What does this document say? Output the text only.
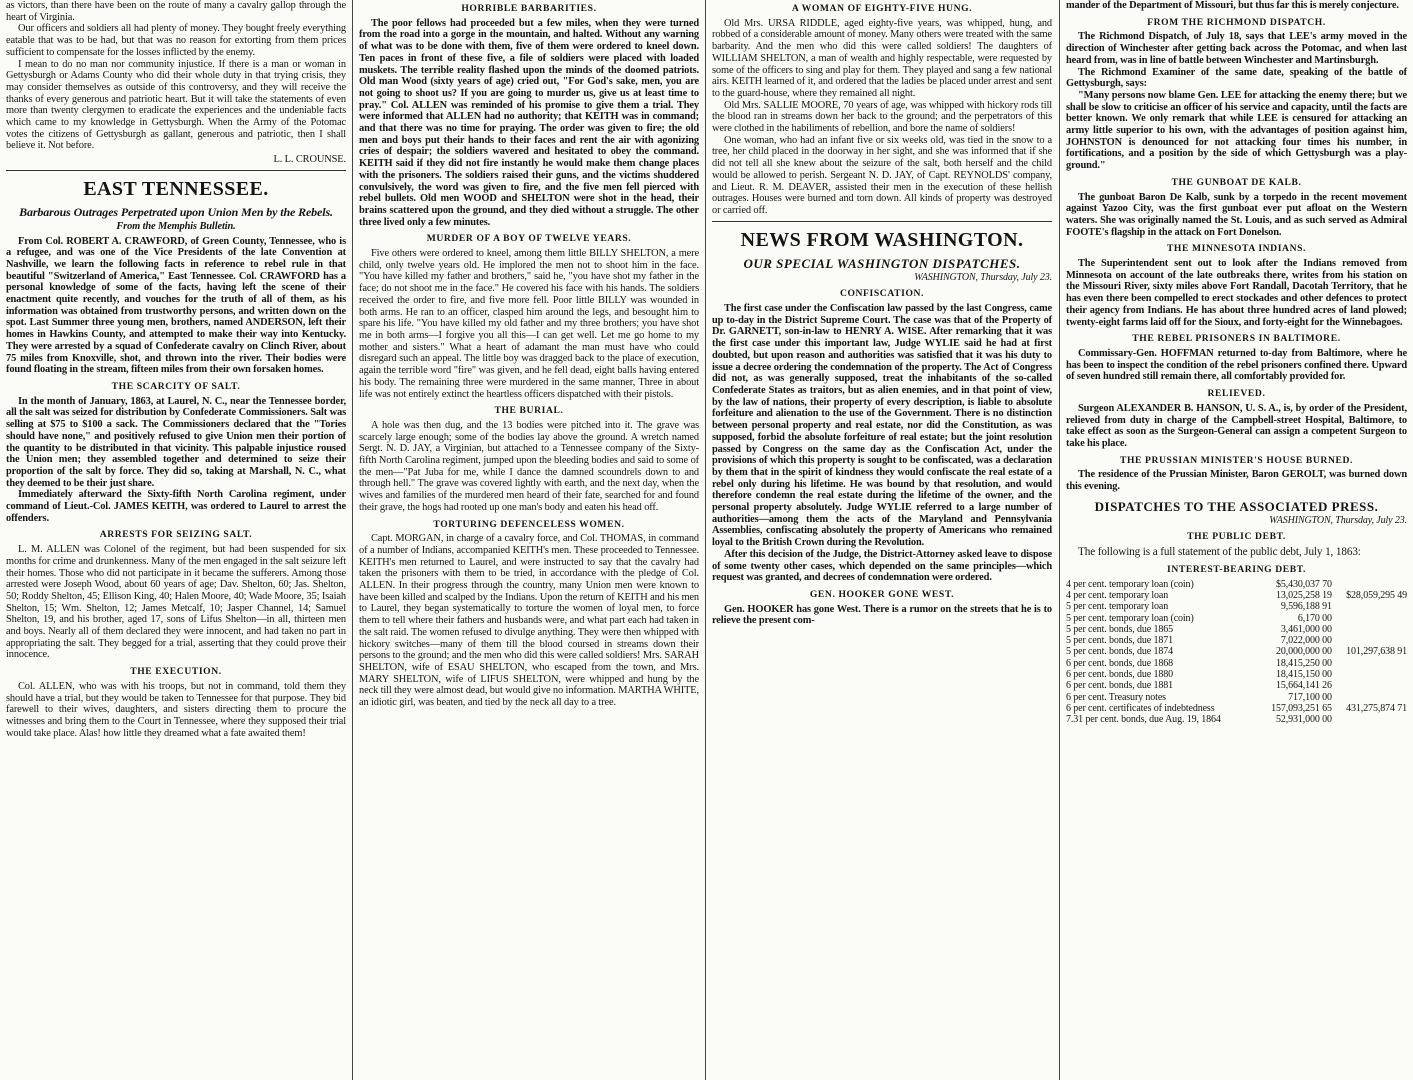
as victors, than there have been on the route of many a cavalry gallop through the heart of Virginia.

Our officers and soldiers all had plenty of money. They bought freely everything eatable that was to be had, but that was no reason for extorting from them prices sufficient to compensate for the losses inflicted by the enemy.

I mean to do no man nor community injustice. If there is a man or woman in Gettysburgh or Adams County who did their whole duty in that trying crisis, they may consider themselves as outside of this controversy, and they will receive the thanks of every generous and patriotic heart. But it will take the statements of even more than twenty clergymen to eradicate the experiences and the undeniable facts which came to my knowledge in Gettysburgh. When the Army of the Potomac votes the citizens of Gettysburgh as gallant, generous and patriotic, then I shall believe it. Not before.

L. L. CROUNSE.
EAST TENNESSEE.
Barbarous Outrages Perpetrated upon Union Men by the Rebels.
From the Memphis Bulletin.

From Col. ROBERT A. CRAWFORD, of Green County, Tennessee, who is a refugee, and was one of the Vice Presidents of the late Convention at Nashville, we learn the following facts in reference to rebel rule in that beautiful "Switzerland of America," East Tennessee. Col. CRAWFORD has a personal knowledge of some of the facts, having left the scene of their enactment quite recently, and vouches for the truth of all of them, as his information was obtained from trustworthy persons, and written down on the spot. Last Summer three young men, brothers, named ANDERSON, left their homes in Hawkins County, and attempted to make their way into Kentucky. They were arrested by a squad of Confederate cavalry on Clinch River, about 75 miles from Knoxville, shot, and thrown into the river. Their bodies were found floating in the stream, fifteen miles from their own forsaken homes.

THE SCARCITY OF SALT.

In the month of January, 1863, at Laurel, N. C., near the Tennessee border, all the salt was seized for distribution by Confederate Commissioners. Salt was selling at $75 to $100 a sack. The Commissioners declared that the "Tories should have none," and positively refused to give Union men their portion of the quantity to be distributed in that vicinity. This palpable injustice roused the Union men; they assembled together and determined to seize their proportion of the salt by force. They did so, taking at Marshall, N. C., what they deemed to be their just share.

Immediately afterward the Sixty-fifth North Carolina regiment, under command of Lieut.-Col. JAMES KEITH, was ordered to Laurel to arrest the offenders.

ARRESTS FOR SEIZING SALT.

L. M. ALLEN was Colonel of the regiment, but had been suspended for six months for crime and drunkenness. Many of the men engaged in the salt seizure left their homes. Those who did not participate in it became the sufferers. Among those arrested were Joseph Wood, about 60 years of age; Dav. Shelton, 60; Jas. Shelton, 50; Roddy Shelton, 45; Ellison King, 40; Halen Moore, 40; Wade Moore, 35; Isaiah Shelton, 15; Wm. Shelton, 12; James Metcalf, 10; Jasper Channel, 14; Samuel Shelton, 19, and his brother, aged 17, sons of Lifus Shelton—in all, thirteen men and boys. Nearly all of them declared they were innocent, and had taken no part in appropriating the salt. They begged for a trial, asserting that they could prove their innocence.

THE EXECUTION.

Col. ALLEN, who was with his troops, but not in command, told them they should have a trial, but they would be taken to Tennessee for that purpose. They bid farewell to their wives, daughters, and sisters directing them to procure the witnesses and bring them to the Court in Tennessee, where they supposed their trial would take place. Alas! how little they dreamed what a fate awaited them!

HORRIBLE BARBARITIES.

The poor fellows had proceeded but a few miles, when they were turned from the road into a gorge in the mountain, and halted. Without any warning of what was to be done with them, five of them were ordered to kneel down. Ten paces in front of these five, a file of soldiers were placed with loaded muskets. The terrible reality flashed upon the minds of the doomed patriots. Old man Wood (sixty years of age) cried out, "For God's sake, men, you are not going to shoot us? If you are going to murder us, give us at least time to pray." Col. ALLEN was reminded of his promise to give them a trial. They were informed that ALLEN had no authority; that KEITH was in command; and that there was no time for praying. The order was given to fire; the old men and boys put their hands to their faces and rent the air with agonizing cries of despair; the soldiers wavered and hesitated to obey the command. KEITH said if they did not fire instantly he would make them change places with the prisoners. The soldiers raised their guns, and the victims shuddered convulsively, the word was given to fire, and the five men fell pierced with rebel bullets. Old men WOOD and SHELTON were shot in the head, their brains scattered upon the ground, and they died without a struggle. The other three lived only a few minutes.

MURDER OF A BOY OF TWELVE YEARS.

Five others were ordered to kneel, among them little BILLY SHELTON, a mere child, only twelve years old. He implored the men not to shoot him in the face. "You have killed my father and brothers," said he, "you have shot my father in the face; do not shoot me in the face." He covered his face with his hands. The soldiers received the order to fire, and five more fell. Poor little BILLY was wounded in both arms. He ran to an officer, clasped him around the legs, and besought him to spare his life. "You have killed my old father and my three brothers; you have shot me in both arms—I forgive you all this—I can get well. Let me go home to my mother and sisters." What a heart of adamant the man must have who could disregard such an appeal. The little boy was dragged back to the place of execution, again the terrible word "fire" was given, and he fell dead, eight balls having entered his body. The remaining three were murdered in the same manner, Three in about life was not entirely extinct the heartless officers dispatched with their pistols.

THE BURIAL.

A hole was then dug, and the 13 bodies were pitched into it. The grave was scarcely large enough; some of the bodies lay above the ground. A wretch named Sergt. N. D. JAY, a Virginian, but attached to a Tennessee company of the Sixty-fifth North Carolina regiment, jumped upon the bleeding bodies and said to some of the men—"Pat Juba for me, while I dance the damned scoundrels down to and through hell." The grave was covered lightly with earth, and the next day, when the wives and families of the murdered men heard of their fate, searched for and found their grave, the hogs had rooted up one man's body and eaten his head off.

TORTURING DEFENCELESS WOMEN.

Capt. MORGAN, in charge of a cavalry force, and Col. THOMAS, in command of a number of Indians, accompanied KEITH's men. These proceeded to Tennessee. KEITH's men returned to Laurel, and were instructed to say that the cavalry had taken the prisoners with them to be tried, in accordance with the pledge of Col. ALLEN. In their progress through the country, many Union men were known to have been killed and scalped by the Indians. Upon the return of KEITH and his men to Laurel, they began systematically to torture the women of loyal men, to force them to tell where their fathers and husbands were, and what part each had taken in the salt raid. The women refused to divulge anything. They were then whipped with hickory switches—many of them till the blood coursed in streams down their persons to the ground; and the men who did this were called soldiers! Mrs. SARAH SHELTON, wife of ESAU SHELTON, who escaped from the town, and Mrs. MARY SHELTON, wife of LIFUS SHELTON, were whipped and hung by the neck till they were almost dead, but would give no information. MARTHA WHITE, an idiotic girl, was beaten, and tied by the neck all day to a tree.

A WOMAN OF EIGHTY-FIVE HUNG.

Old Mrs. URSA RIDDLE, aged eighty-five years, was whipped, hung, and robbed of a considerable amount of money. Many others were treated with the same barbarity. And the men who did this were called soldiers! The daughters of WILLIAM SHELTON, a man of wealth and highly respectable, were requested by some of the officers to sing and play for them. They played and sang a few national airs. KEITH learned of it, and ordered that the ladies be placed under arrest and sent to the guard-house, where they remained all night.

Old Mrs. SALLIE MOORE, 70 years of age, was whipped with hickory rods till the blood ran in streams down her back to the ground; and the perpetrators of this were clothed in the habiliments of rebellion, and bore the name of soldiers!

One woman, who had an infant five or six weeks old, was tied in the snow to a tree, her child placed in the doorway in her sight, and she was informed that if she did not tell all she knew about the seizure of the salt, both herself and the child would be allowed to perish. Sergeant N. D. JAY, of Capt. REYNOLDS' company, and Lieut. R. M. DEAVER, assisted their men in the execution of these hellish outrages. Houses were burned and torn down. All kinds of property was destroyed or carried off.

NEWS FROM WASHINGTON.
OUR SPECIAL WASHINGTON DISPATCHES.
WASHINGTON, Thursday, July 23.
CONFISCATION.

The first case under the Confiscation law passed by the last Congress, came up to-day in the District Supreme Court. The case was that of the Property of Dr. GARNETT, son-in-law to HENRY A. WISE. After remarking that it was the first case under this important law, Judge WYLIE said he had at first doubted, but upon reason and authorities was satisfied that it was his duty to issue a decree ordering the condemnation of the property. The Act of Congress did not, as was generally supposed, treat the inhabitants of the so-called Confederate States as traitors, but as alien enemies, and in that point of view, by the law of nations, their property of every description, is liable to absolute forfeiture and alienation to the use of the Government. There is no distinction between personal property and real estate, nor did the Constitution, as was supposed, forbid the absolute forfeiture of real estate; but the joint resolution passed by Congress on the same day as the Confiscation Act, under the provisions of which this property is sought to be confiscated, was a declaration by them that in the spirit of kindness they would confiscate the real estate of a rebel only during his lifetime. He was bound by that resolution, and would therefore condemn the real estate during the lifetime of the owner, and the personal property absolutely. Judge WYLIE referred to a large number of authorities—among them the acts of the Maryland and Pennsylvania Assemblies, confiscating absolutely the property of Americans who remained loyal to the British Crown during the Revolution.

After this decision of the Judge, the District-Attorney asked leave to dispose of some twenty other cases, which depended on the same principles—which request was granted, and decrees of condemnation were ordered.

GEN. HOOKER GONE WEST.

Gen. HOOKER has gone West. There is a rumor on the streets that he is to relieve the present com-

mander of the Department of Missouri, but thus far this is merely conjecture.

FROM THE RICHMOND DISPATCH.

The Richmond Dispatch, of July 18, says that LEE's army moved in the direction of Winchester after getting back across the Potomac, and when last heard from, was in line of battle between Winchester and Martinsburgh.

The Richmond Examiner of the same date, speaking of the battle of Gettysburgh, says:

"Many persons now blame Gen. LEE for attacking the enemy there; but we shall be slow to criticise an officer of his service and capacity, until the facts are better known. We only remark that while LEE is censured for attacking an army little superior to his own, with the advantages of position against him, JOHNSTON is denounced for not attacking four times his number, in fortifications, and a position by the side of which Gettysburgh was a play-ground."

THE GUNBOAT DE KALB.

The gunboat Baron De Kalb, sunk by a torpedo in the recent movement against Yazoo City, was the first gunboat ever put afloat on the Western waters. She was originally named the St. Louis, and as such served as Admiral FOOTE's flagship in the attack on Fort Donelson.

THE MINNESOTA INDIANS.

The Superintendent sent out to look after the Indians removed from Minnesota on account of the late outbreaks there, writes from his station on the Missouri River, sixty miles above Fort Randall, Dacotah Territory, that he has even there been compelled to erect stockades and other defences to protect their agency from Indians. He has about three hundred acres of land plowed; twenty-eight farms laid off for the Sioux, and forty-eight for the Winnebagoes.

THE REBEL PRISONERS IN BALTIMORE.

Commissary-Gen. HOFFMAN returned to-day from Baltimore, where he has been to inspect the condition of the rebel prisoners confined there. Upward of seven hundred still remain there, all comfortably provided for.

RELIEVED.

Surgeon ALEXANDER B. HANSON, U. S. A., is, by order of the President, relieved from duty in charge of the Campbell-street Hospital, Baltimore, to take effect as soon as the Surgeon-General can assign a competent Surgeon to take his place.

THE PRUSSIAN MINISTER'S HOUSE BURNED.

The residence of the Prussian Minister, Baron GEROLT, was burned down this evening.

DISPATCHES TO THE ASSOCIATED PRESS.
WASHINGTON, Thursday, July 23.
THE PUBLIC DEBT.

The following is a full statement of the public debt, July 1, 1863:

INTEREST-BEARING DEBT.
4 per cent. temporary loan (coin)	$5,430,037 70	
4 per cent. temporary loan	13,025,258 19	$28,059,295 49
5 per cent. temporary loan	9,596,188 91	
5 per cent. temporary loan (coin)	6,170 00	
5 per cent. bonds, due 1865	3,461,000 00	
5 per cent. bonds, due 1871	7,022,000 00	
5 per cent. bonds, due 1874	20,000,000 00	101,297,638 91
6 per cent. bonds, due 1868	18,415,250 00	
6 per cent. bonds, due 1880	18,415,150 00	
6 per cent. bonds, due 1881	15,664,141 26	
6 per cent. Treasury notes	717,100 00	
6 per cent. certificates of indebtedness	157,093,251 65	431,275,874 71
7.31 per cent. bonds, due Aug. 19, 1864	52,931,000 00	
